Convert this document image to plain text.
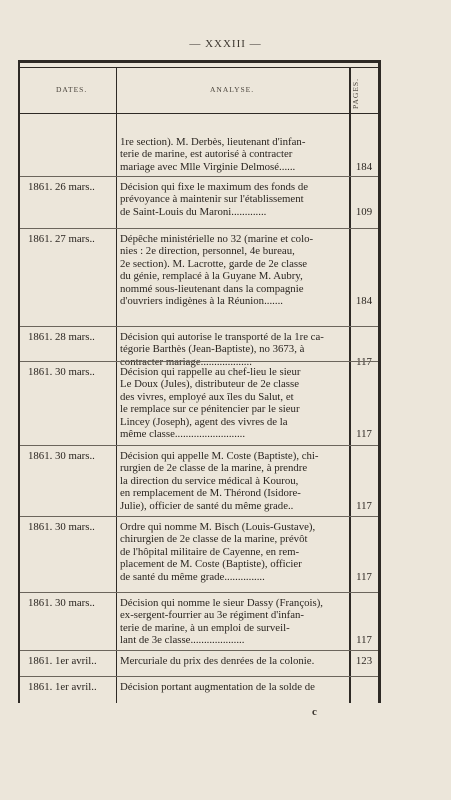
— XXXIII —
DATES.	ANALYSE.	PAGES.
1re section). M. Derbès, lieutenant d'infan-
terie de marine, est autorisé à contracter
mariage avec Mlle Virginie Delmosé......	184
1861. 26 mars..	Décision qui fixe le maximum des fonds de
prévoyance à maintenir sur l'établissement
de Saint-Louis du Maroni.............	109
1861. 27 mars..	Dépêche ministérielle no 32 (marine et colo-
nies : 2e direction, personnel, 4e bureau,
2e section). M. Lacrotte, garde de 2e classe
du génie, remplacé à la Guyane M. Aubry,
nommé sous-lieutenant dans la compagnie
d'ouvriers indigènes à la Réunion.......	184
1861. 28 mars..	Décision qui autorise le transporté de la 1re ca-
tégorie Barthès (Jean-Baptiste), no 3673, à
contracter mariage...................	117
1861. 30 mars..	Décision qui rappelle au chef-lieu le sieur
Le Doux (Jules), distributeur de 2e classe
des vivres, employé aux îles du Salut, et
le remplace sur ce pénitencier par le sieur
Lincey (Joseph), agent des vivres de la
même classe..........................	117
1861. 30 mars..	Décision qui appelle M. Coste (Baptiste), chi-
rurgien de 2e classe de la marine, à prendre
la direction du service médical à Kourou,
en remplacement de M. Thérond (Isidore-
Julie), officier de santé du même grade..	117
1861. 30 mars..	Ordre qui nomme M. Bisch (Louis-Gustave),
chirurgien de 2e classe de la marine, prévôt
de l'hôpital militaire de Cayenne, en rem-
placement de M. Coste (Baptiste), officier
de santé du même grade...............	117
1861. 30 mars..	Décision qui nomme le sieur Dassy (François),
ex-sergent-fourrier au 3e régiment d'infan-
terie de marine, à un emploi de surveil-
lant de 3e classe....................	117
1861. 1er avril..	Mercuriale du prix des denrées de la colonie.	123
1861. 1er avril..	Décision portant augmentation de la solde de
c
